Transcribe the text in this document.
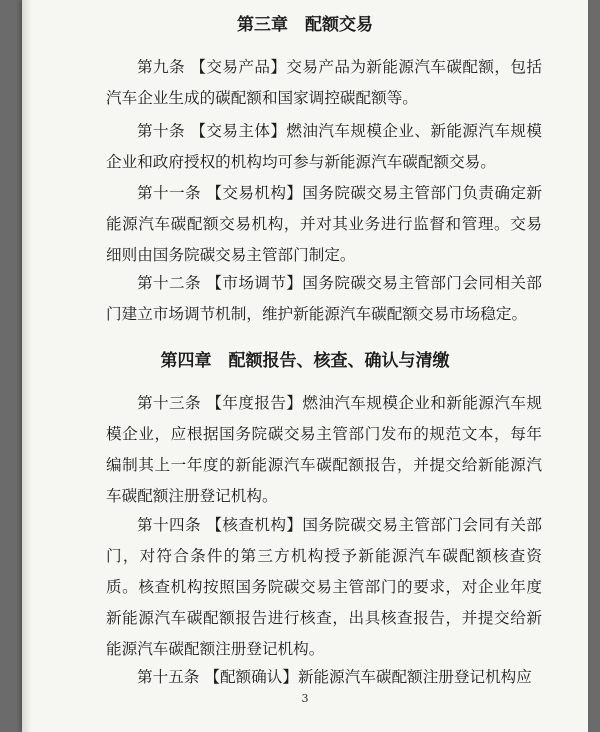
第三章　配额交易

第九条 【交易产品】交易产品为新能源汽车碳配额，包括汽车企业生成的碳配额和国家调控碳配额等。

第十条 【交易主体】燃油汽车规模企业、新能源汽车规模企业和政府授权的机构均可参与新能源汽车碳配额交易。

第十一条 【交易机构】国务院碳交易主管部门负责确定新能源汽车碳配额交易机构，并对其业务进行监督和管理。交易细则由国务院碳交易主管部门制定。

第十二条 【市场调节】国务院碳交易主管部门会同相关部门建立市场调节机制，维护新能源汽车碳配额交易市场稳定。

第四章　配额报告、核查、确认与清缴

第十三条 【年度报告】燃油汽车规模企业和新能源汽车规模企业，应根据国务院碳交易主管部门发布的规范文本，每年编制其上一年度的新能源汽车碳配额报告，并提交给新能源汽车碳配额注册登记机构。

第十四条 【核查机构】国务院碳交易主管部门会同有关部门，对符合条件的第三方机构授予新能源汽车碳配额核查资质。核查机构按照国务院碳交易主管部门的要求，对企业年度新能源汽车碳配额报告进行核查，出具核查报告，并提交给新能源汽车碳配额注册登记机构。

第十五条 【配额确认】新能源汽车碳配额注册登记机构应

3
